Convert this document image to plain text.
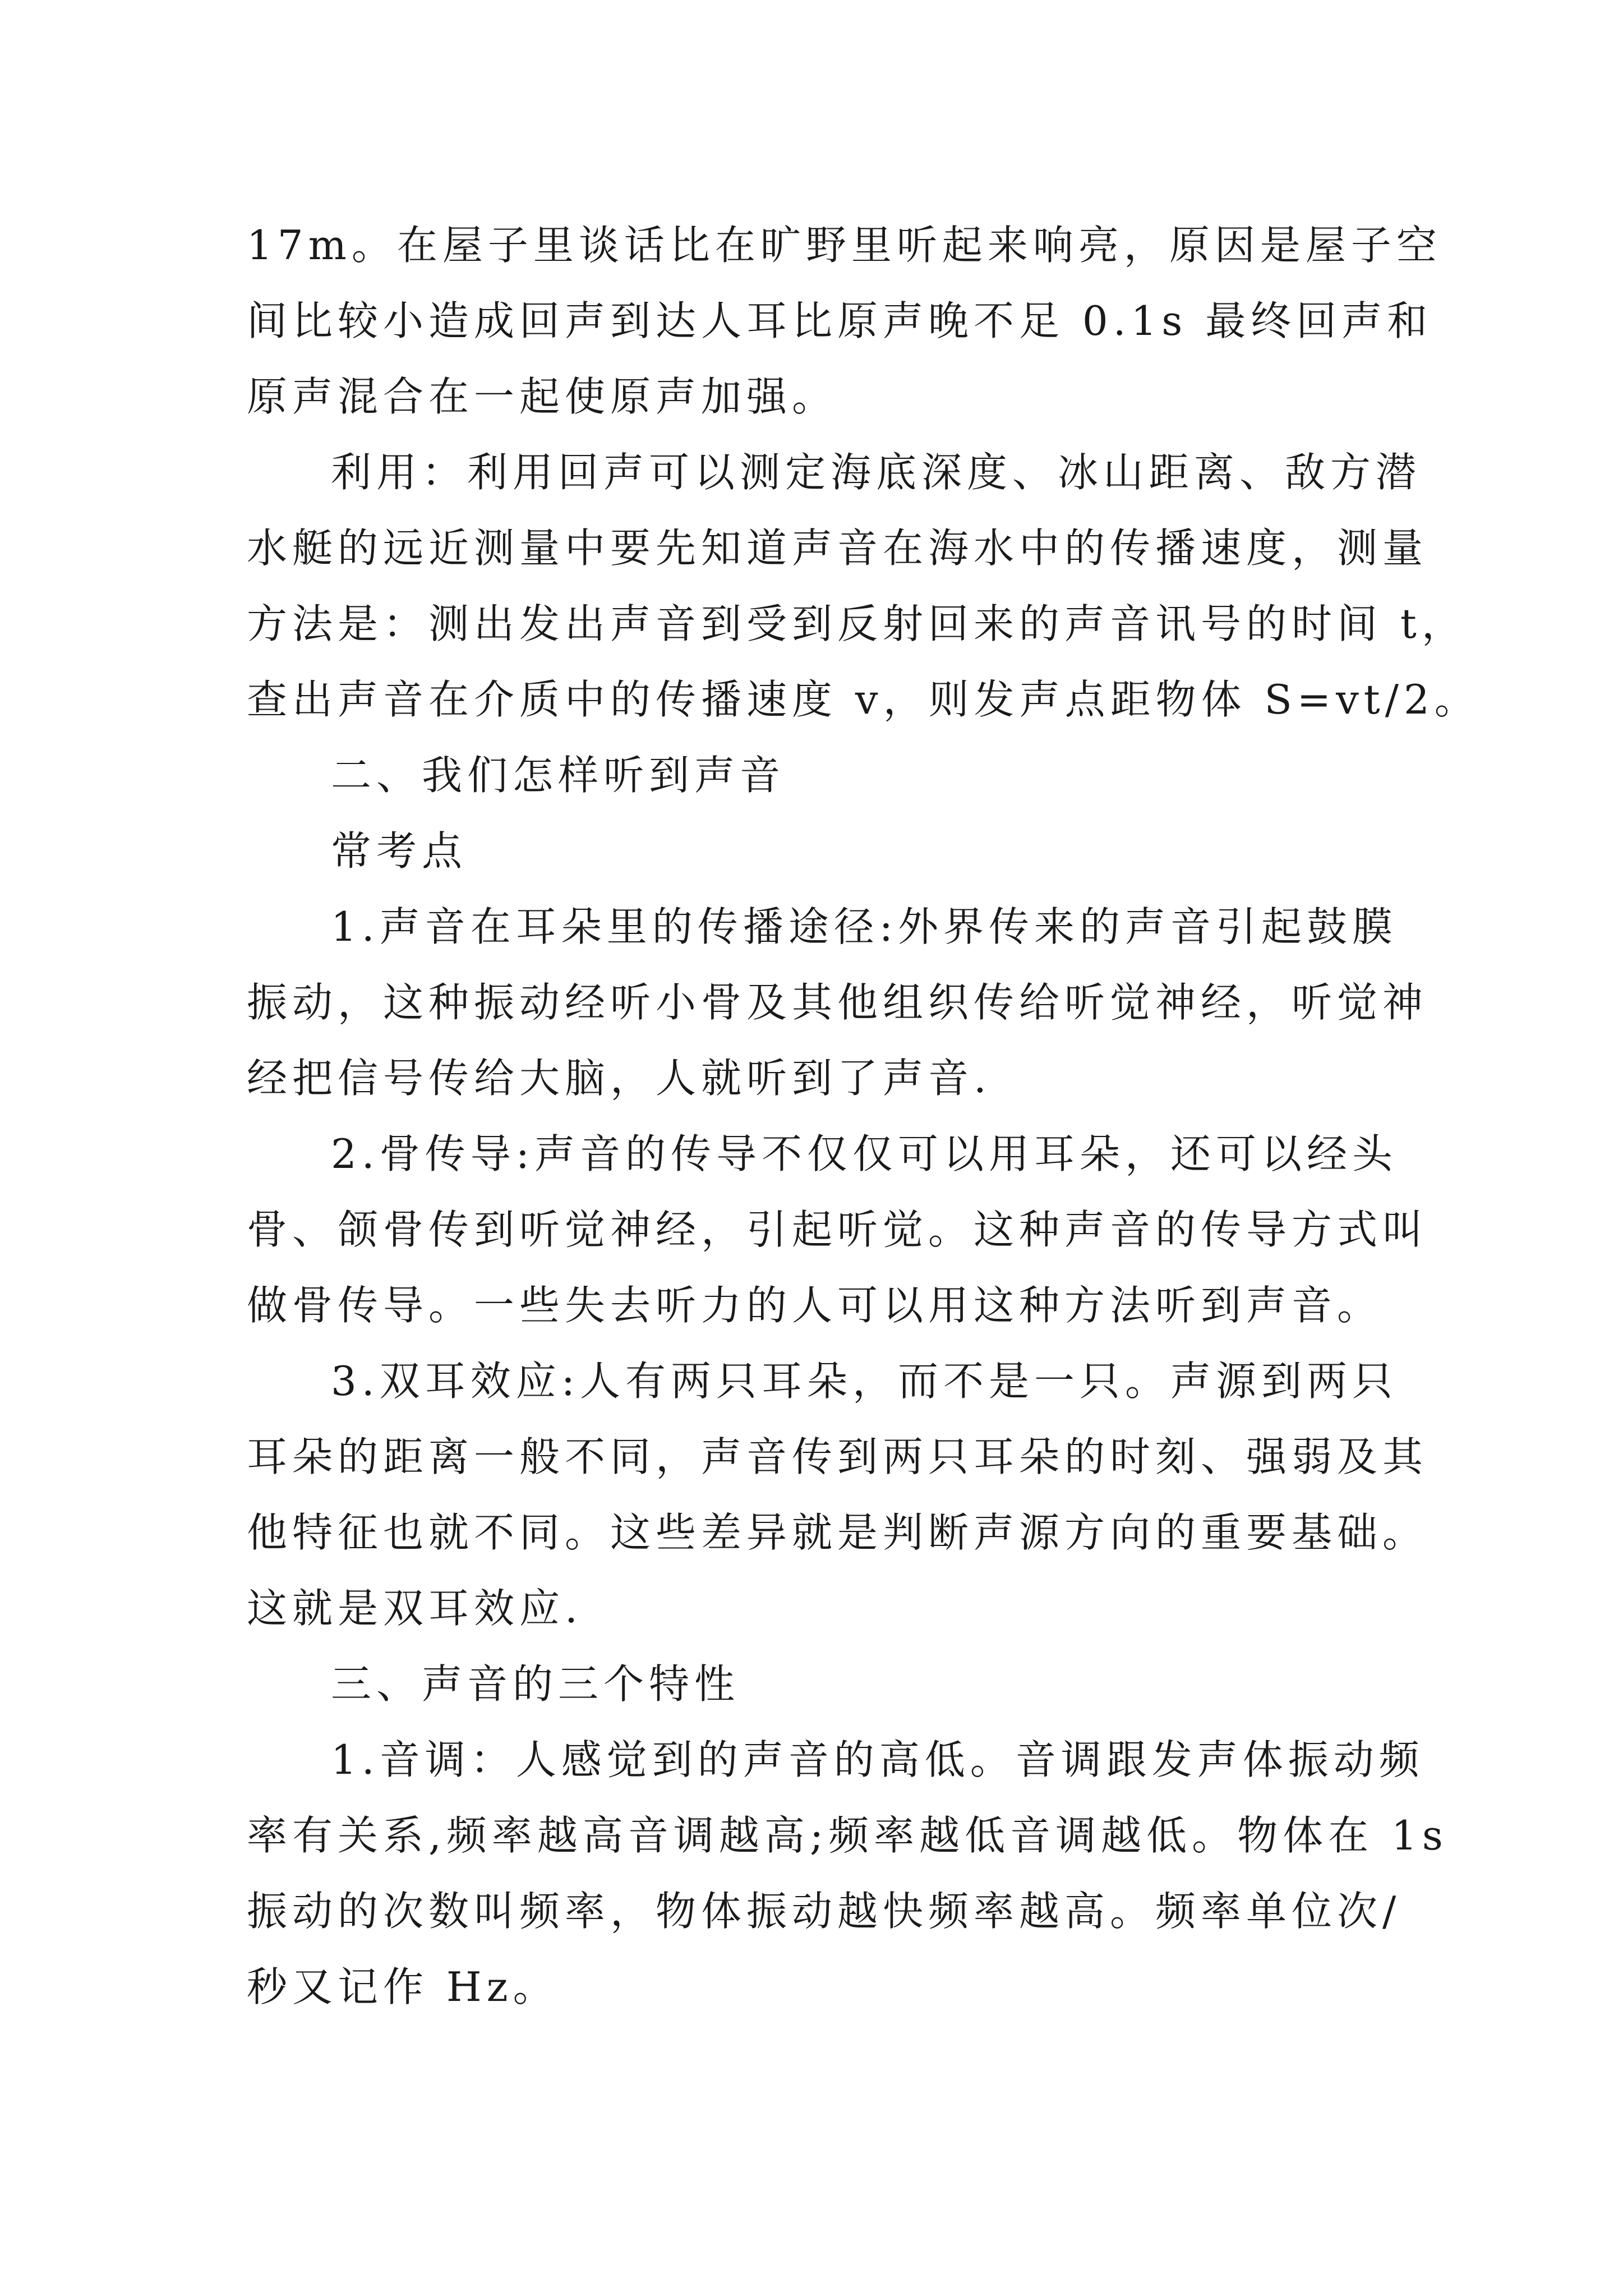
17m。在屋子里谈话比在旷野里听起来响亮，原因是屋子空
间比较小造成回声到达人耳比原声晚不足 0.1s 最终回声和
原声混合在一起使原声加强。
利用：利用回声可以测定海底深度、冰山距离、敌方潜
水艇的远近测量中要先知道声音在海水中的传播速度，测量
方法是：测出发出声音到受到反射回来的声音讯号的时间 t，
查出声音在介质中的传播速度 v，则发声点距物体 S=vt/2。
二、我们怎样听到声音
常考点
1.声音在耳朵里的传播途径:外界传来的声音引起鼓膜
振动，这种振动经听小骨及其他组织传给听觉神经，听觉神
经把信号传给大脑，人就听到了声音.
2.骨传导:声音的传导不仅仅可以用耳朵，还可以经头
骨、颌骨传到听觉神经，引起听觉。这种声音的传导方式叫
做骨传导。一些失去听力的人可以用这种方法听到声音。
3.双耳效应:人有两只耳朵，而不是一只。声源到两只
耳朵的距离一般不同，声音传到两只耳朵的时刻、强弱及其
他特征也就不同。这些差异就是判断声源方向的重要基础。
这就是双耳效应.
三、声音的三个特性
1.音调：人感觉到的声音的高低。音调跟发声体振动频
率有关系,频率越高音调越高;频率越低音调越低。物体在 1s
振动的次数叫频率，物体振动越快频率越高。频率单位次/
秒又记作 Hz。
